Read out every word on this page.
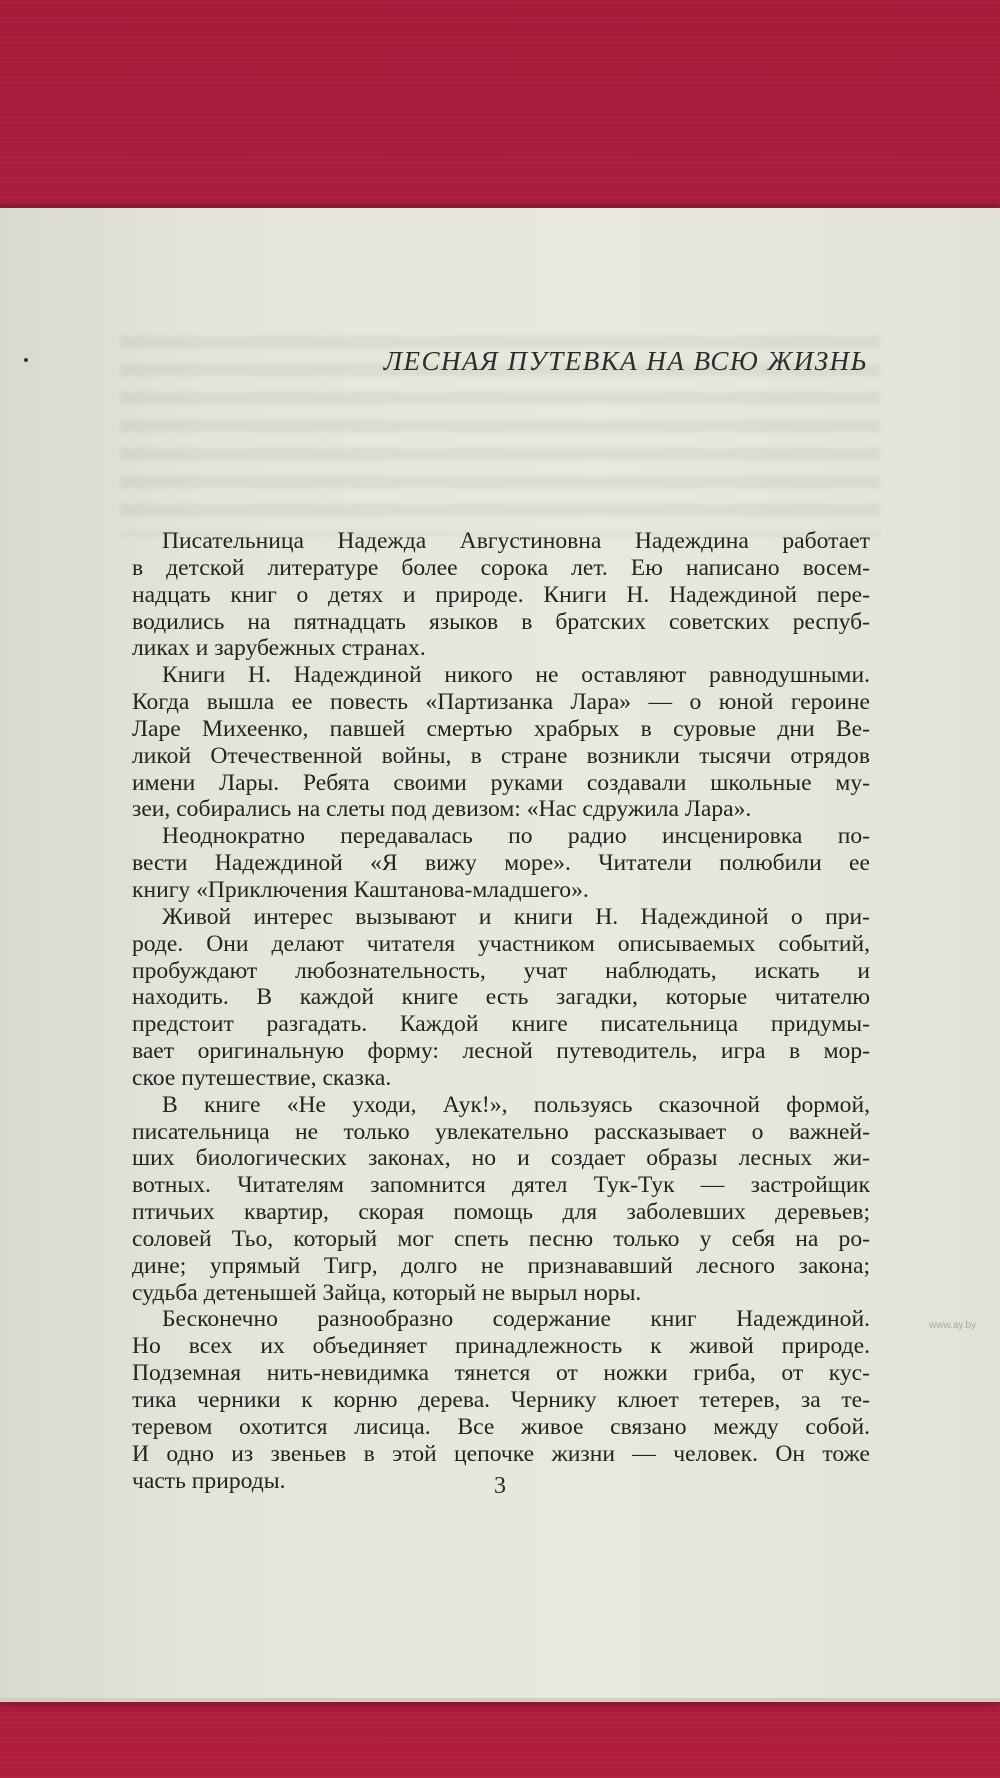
ЛЕСНАЯ ПУТЕВКА НА ВСЮ ЖИЗНЬ
Писательница Надежда Августиновна Надеждина работает
в детской литературе более сорока лет. Ею написано восем-
надцать книг о детях и природе. Книги Н. Надеждиной пере-
водились на пятнадцать языков в братских советских респуб-
ликах и зарубежных странах.
Книги Н. Надеждиной никого не оставляют равнодушными.
Когда вышла ее повесть «Партизанка Лара» — о юной героине
Ларе Михеенко, павшей смертью храбрых в суровые дни Ве-
ликой Отечественной войны, в стране возникли тысячи отрядов
имени Лары. Ребята своими руками создавали школьные му-
зеи, собирались на слеты под девизом: «Нас сдружила Лара».
Неоднократно передавалась по радио инсценировка по-
вести Надеждиной «Я вижу море». Читатели полюбили ее
книгу «Приключения Каштанова-младшего».
Живой интерес вызывают и книги Н. Надеждиной о при-
роде. Они делают читателя участником описываемых событий,
пробуждают любознательность, учат наблюдать, искать и
находить. В каждой книге есть загадки, которые читателю
предстоит разгадать. Каждой книге писательница придумы-
вает оригинальную форму: лесной путеводитель, игра в мор-
ское путешествие, сказка.
В книге «Не уходи, Аук!», пользуясь сказочной формой,
писательница не только увлекательно рассказывает о важней-
ших биологических законах, но и создает образы лесных жи-
вотных. Читателям запомнится дятел Тук-Тук — застройщик
птичьих квартир, скорая помощь для заболевших деревьев;
соловей Тьо, который мог спеть песню только у себя на ро-
дине; упрямый Тигр, долго не признававший лесного закона;
судьба детенышей Зайца, который не вырыл норы.
Бесконечно разнообразно содержание книг Надеждиной.
Но всех их объединяет принадлежность к живой природе.
Подземная нить-невидимка тянется от ножки гриба, от кус-
тика черники к корню дерева. Чернику клюет тетерев, за те-
теревом охотится лисица. Все живое связано между собой.
И одно из звеньев в этой цепочке жизни — человек. Он тоже
часть природы.	3
www.ay.by
